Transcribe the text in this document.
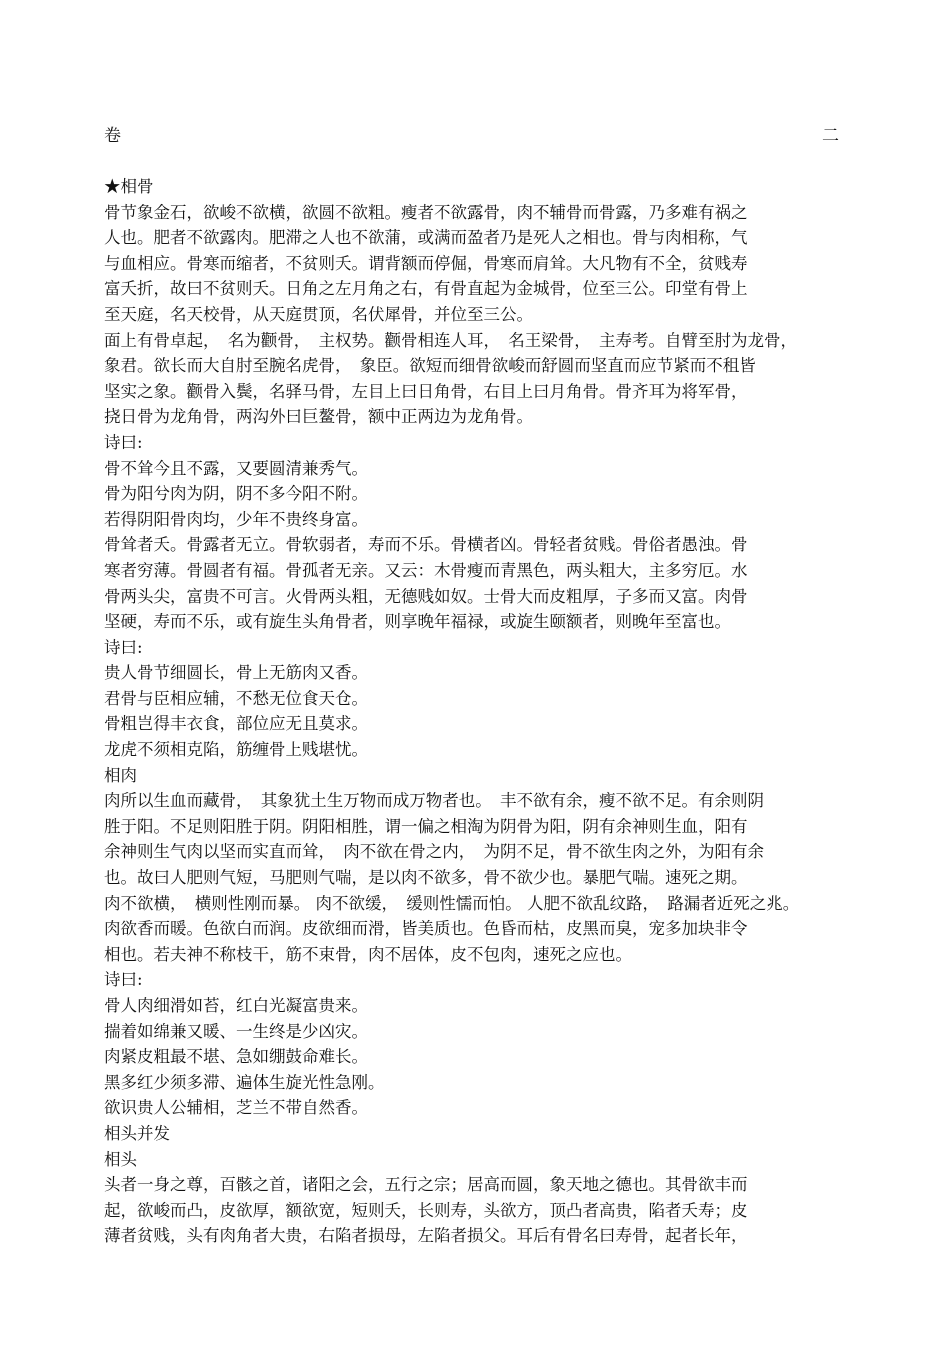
卷	二
★相骨
骨节象金石，欲峻不欲横，欲圆不欲粗。瘦者不欲露骨，肉不辅骨而骨露，乃多难有祸之
人也。肥者不欲露肉。肥滞之人也不欲蒲，或满而盈者乃是死人之相也。骨与肉相称，气
与血相应。骨寒而缩者，不贫则夭。谓背额而停倔，骨寒而肩耸。大凡物有不全，贫贱寿
富夭折，故曰不贫则夭。日角之左月角之右，有骨直起为金城骨，位至三公。印堂有骨上
至天庭，名天校骨，从天庭贯顶，名伏犀骨，并位至三公。
面上有骨卓起，　名为颧骨，　主权势。颧骨相连人耳，　名王梁骨，　主寿考。自臂至肘为龙骨，
象君。欲长而大自肘至腕名虎骨，　象臣。欲短而细骨欲峻而舒圆而坚直而应节紧而不租皆
坚实之象。颧骨入鬓，名驿马骨，左目上曰日角骨，右目上曰月角骨。骨齐耳为将军骨，
挠日骨为龙角骨，两沟外曰巨鳌骨，额中正两边为龙角骨。
诗曰:
骨不耸今且不露，又要圆清兼秀气。
骨为阳兮肉为阴，阴不多今阳不附。
若得阴阳骨肉均，少年不贵终身富。
骨耸者夭。骨露者无立。骨软弱者，寿而不乐。骨横者凶。骨轻者贫贱。骨俗者愚浊。骨
寒者穷薄。骨圆者有福。骨孤者无亲。又云：木骨瘦而青黑色，两头粗大，主多穷厄。水
骨两头尖，富贵不可言。火骨两头粗，无德贱如奴。士骨大而皮粗厚，子多而又富。肉骨
坚硬，寿而不乐，或有旋生头角骨者，则享晚年福禄，或旋生颐额者，则晚年至富也。
诗曰:
贵人骨节细圆长，骨上无筋肉又香。
君骨与臣相应辅，不愁无位食天仓。
骨粗岂得丰衣食，部位应无且莫求。
龙虎不须相克陷，筋缠骨上贱堪忧。
相肉
肉所以生血而藏骨，　其象犹土生万物而成万物者也。　丰不欲有余，瘦不欲不足。有余则阴
胜于阳。不足则阳胜于阴。阴阳相胜，谓一偏之相淘为阴骨为阳，阴有余神则生血，阳有
余神则生气肉以坚而实直而耸，　肉不欲在骨之内，　为阴不足，骨不欲生肉之外，为阳有余
也。故曰人肥则气短，马肥则气喘，是以肉不欲多，骨不欲少也。暴肥气喘。速死之期。
肉不欲横，　横则性刚而暴。 肉不欲缓，　缓则性懦而怕。 人肥不欲乱纹路，　路漏者近死之兆。
肉欲香而暖。色欲白而润。皮欲细而滑，皆美质也。色昏而枯，皮黑而臭，宠多加块非令
相也。若夫神不称枝干，筋不束骨，肉不居体，皮不包肉，速死之应也。
诗曰:
骨人肉细滑如苔，红白光凝富贵来。
揣着如绵兼又暖、一生终是少凶灾。
肉紧皮粗最不堪、急如绷鼓命难长。
黑多红少须多滞、遍体生旋光性急刚。
欲识贵人公辅相，芝兰不带自然香。
相头并发
相头
头者一身之尊，百骸之首，诸阳之会，五行之宗；居高而圆，象天地之德也。其骨欲丰而
起，欲峻而凸，皮欲厚，额欲宽，短则夭，长则寿，头欲方，顶凸者高贵，陷者夭寿；皮
薄者贫贱，头有肉角者大贵，右陷者损母，左陷者损父。耳后有骨名曰寿骨，起者长年，
